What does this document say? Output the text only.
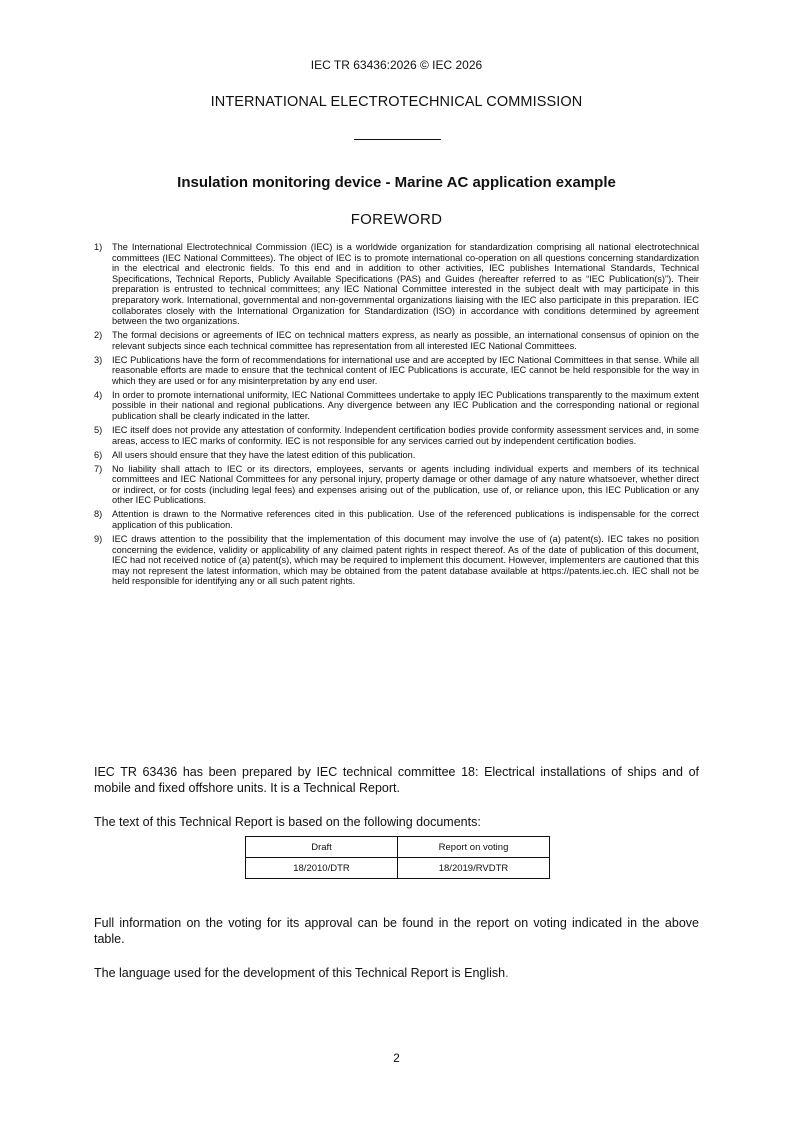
IEC TR 63436:2026 © IEC 2026
INTERNATIONAL ELECTROTECHNICAL COMMISSION
Insulation monitoring device - Marine AC application example
FOREWORD
1) The International Electrotechnical Commission (IEC) is a worldwide organization for standardization comprising all national electrotechnical committees (IEC National Committees). The object of IEC is to promote international co-operation on all questions concerning standardization in the electrical and electronic fields. To this end and in addition to other activities, IEC publishes International Standards, Technical Specifications, Technical Reports, Publicly Available Specifications (PAS) and Guides (hereafter referred to as “IEC Publication(s)”). Their preparation is entrusted to technical committees; any IEC National Committee interested in the subject dealt with may participate in this preparatory work. International, governmental and non-governmental organizations liaising with the IEC also participate in this preparation. IEC collaborates closely with the International Organization for Standardization (ISO) in accordance with conditions determined by agreement between the two organizations.
2) The formal decisions or agreements of IEC on technical matters express, as nearly as possible, an international consensus of opinion on the relevant subjects since each technical committee has representation from all interested IEC National Committees.
3) IEC Publications have the form of recommendations for international use and are accepted by IEC National Committees in that sense. While all reasonable efforts are made to ensure that the technical content of IEC Publications is accurate, IEC cannot be held responsible for the way in which they are used or for any misinterpretation by any end user.
4) In order to promote international uniformity, IEC National Committees undertake to apply IEC Publications transparently to the maximum extent possible in their national and regional publications. Any divergence between any IEC Publication and the corresponding national or regional publication shall be clearly indicated in the latter.
5) IEC itself does not provide any attestation of conformity. Independent certification bodies provide conformity assessment services and, in some areas, access to IEC marks of conformity. IEC is not responsible for any services carried out by independent certification bodies.
6) All users should ensure that they have the latest edition of this publication.
7) No liability shall attach to IEC or its directors, employees, servants or agents including individual experts and members of its technical committees and IEC National Committees for any personal injury, property damage or other damage of any nature whatsoever, whether direct or indirect, or for costs (including legal fees) and expenses arising out of the publication, use of, or reliance upon, this IEC Publication or any other IEC Publications.
8) Attention is drawn to the Normative references cited in this publication. Use of the referenced publications is indispensable for the correct application of this publication.
9) IEC draws attention to the possibility that the implementation of this document may involve the use of (a) patent(s). IEC takes no position concerning the evidence, validity or applicability of any claimed patent rights in respect thereof. As of the date of publication of this document, IEC had not received notice of (a) patent(s), which may be required to implement this document. However, implementers are cautioned that this may not represent the latest information, which may be obtained from the patent database available at https://patents.iec.ch. IEC shall not be held responsible for identifying any or all such patent rights.

IEC TR 63436 has been prepared by IEC technical committee 18: Electrical installations of ships and of mobile and fixed offshore units. It is a Technical Report.

The text of this Technical Report is based on the following documents:

Draft	Report on voting
18/2010/DTR	18/2019/RVDTR

Full information on the voting for its approval can be found in the report on voting indicated in the above table.

The language used for the development of this Technical Report is English.

2
